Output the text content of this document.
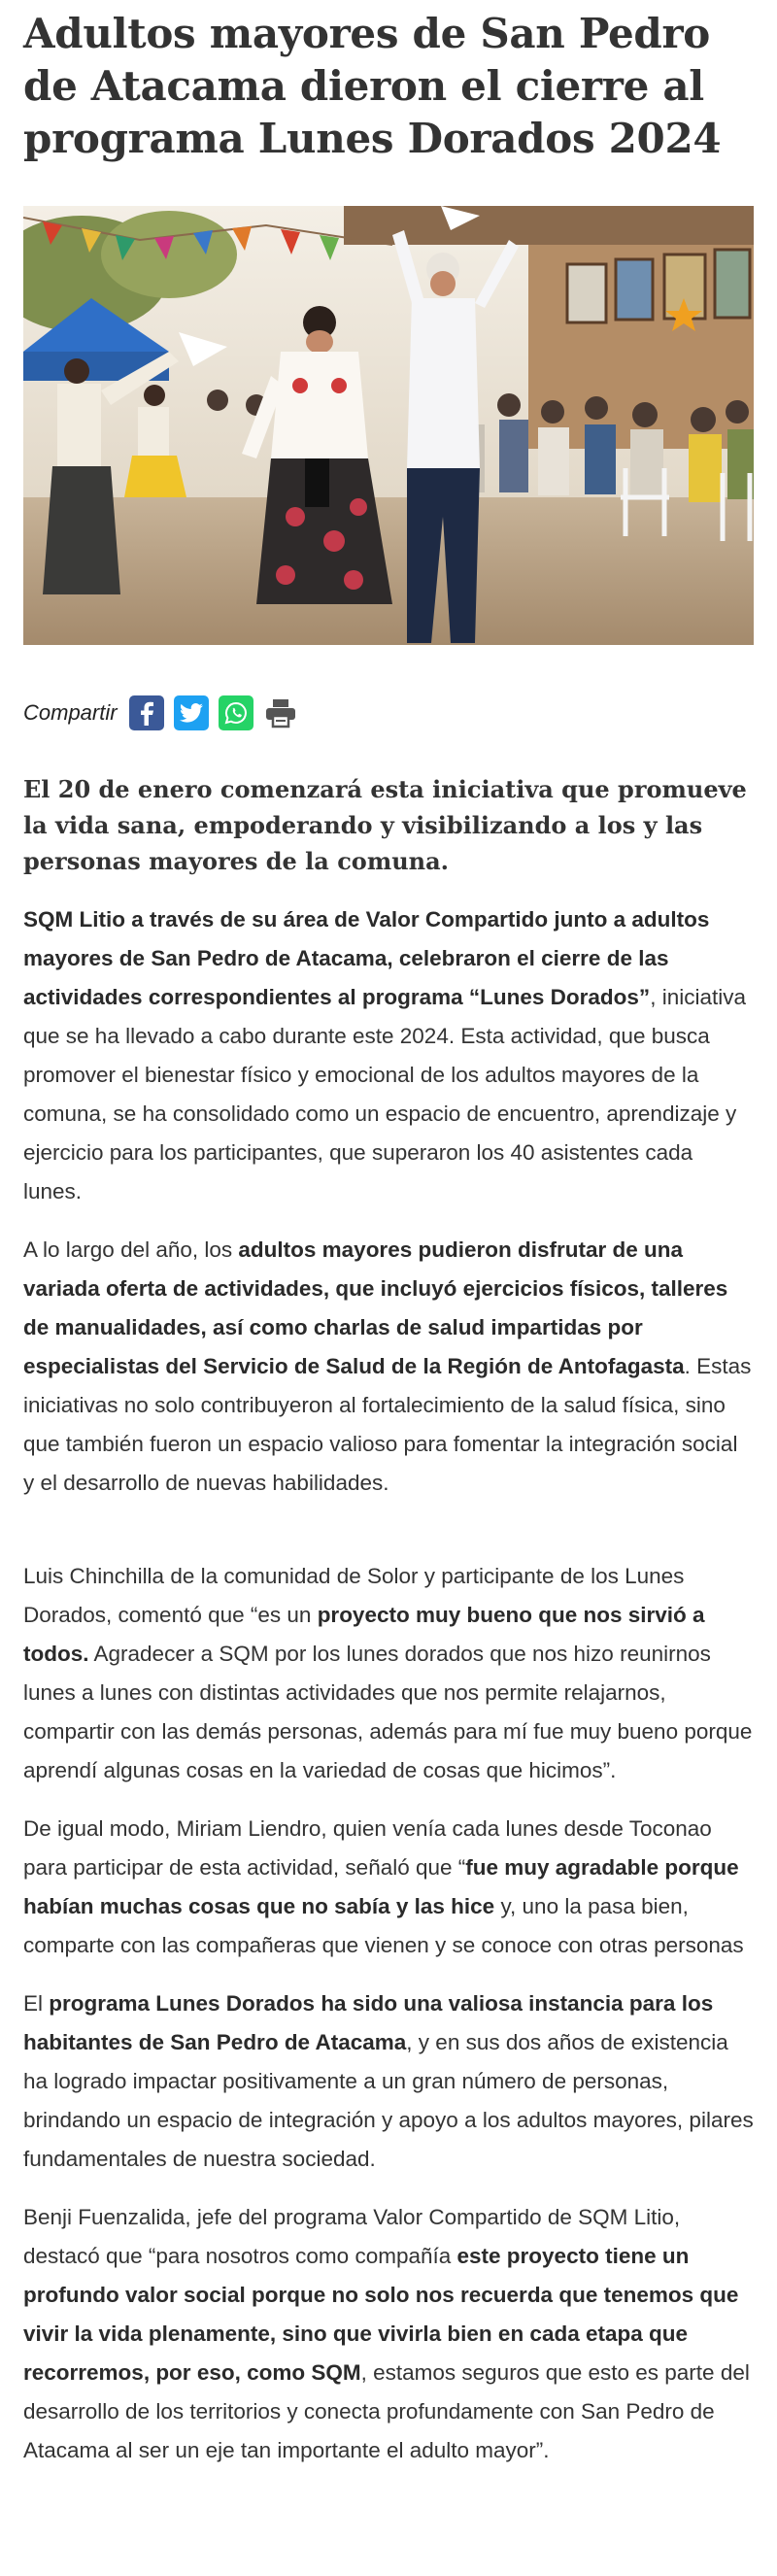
Adultos mayores de San Pedro de Atacama dieron el cierre al programa Lunes Dorados 2024
Compartir
El 20 de enero comenzará esta iniciativa que promueve la vida sana, empoderando y visibilizando a los y las personas mayores de la comuna.

SQM Litio a través de su área de Valor Compartido junto a adultos mayores de San Pedro de Atacama, celebraron el cierre de las actividades correspondientes al programa “Lunes Dorados”, iniciativa que se ha llevado a cabo durante este 2024. Esta actividad, que busca promover el bienestar físico y emocional de los adultos mayores de la comuna, se ha consolidado como un espacio de encuentro, aprendizaje y ejercicio para los participantes, que superaron los 40 asistentes cada lunes.

A lo largo del año, los adultos mayores pudieron disfrutar de una variada oferta de actividades, que incluyó ejercicios físicos, talleres de manualidades, así como charlas de salud impartidas por especialistas del Servicio de Salud de la Región de Antofagasta. Estas iniciativas no solo contribuyeron al fortalecimiento de la salud física, sino que también fueron un espacio valioso para fomentar la integración social y el desarrollo de nuevas habilidades.

Luis Chinchilla de la comunidad de Solor y participante de los Lunes Dorados, comentó que “es un proyecto muy bueno que nos sirvió a todos. Agradecer a SQM por los lunes dorados que nos hizo reunirnos lunes a lunes con distintas actividades que nos permite relajarnos, compartir con las demás personas, además para mí fue muy bueno porque aprendí algunas cosas en la variedad de cosas que hicimos”.

De igual modo, Miriam Liendro, quien venía cada lunes desde Toconao para participar de esta actividad, señaló que “fue muy agradable porque habían muchas cosas que no sabía y las hice y, uno la pasa bien, comparte con las compañeras que vienen y se conoce con otras personas

El programa Lunes Dorados ha sido una valiosa instancia para los habitantes de San Pedro de Atacama, y en sus dos años de existencia ha logrado impactar positivamente a un gran número de personas, brindando un espacio de integración y apoyo a los adultos mayores, pilares fundamentales de nuestra sociedad.

Benji Fuenzalida, jefe del programa Valor Compartido de SQM Litio, destacó que “para nosotros como compañía este proyecto tiene un profundo valor social porque no solo nos recuerda que tenemos que vivir la vida plenamente, sino que vivirla bien en cada etapa que recorremos, por eso, como SQM, estamos seguros que esto es parte del desarrollo de los territorios y conecta profundamente con San Pedro de Atacama al ser un eje tan importante el adulto mayor”.
